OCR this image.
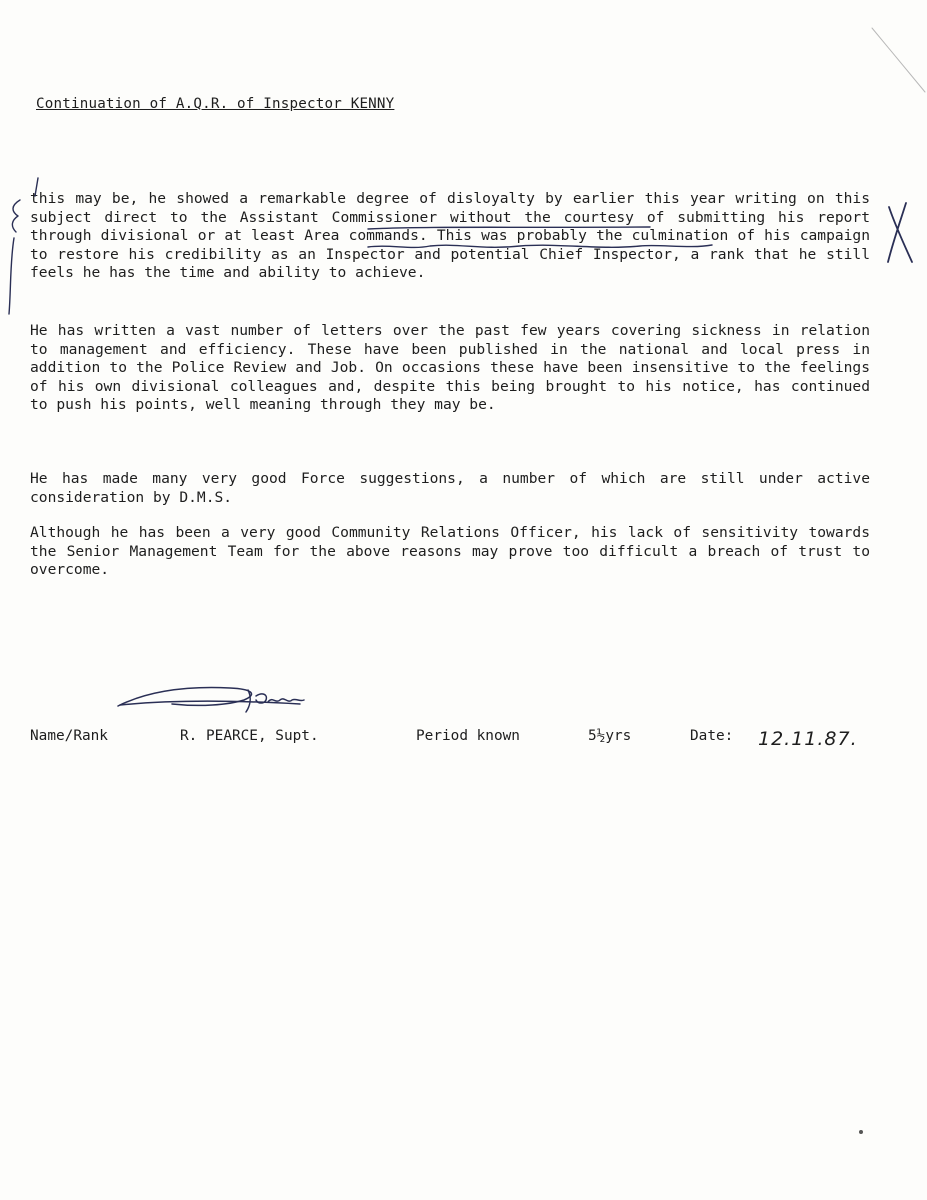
Continuation of A.Q.R. of Inspector KENNY

this may be, he showed a remarkable degree of disloyalty by earlier this year writing on this subject direct to the Assistant Commissioner without the courtesy of submitting his report through divisional or at least Area commands. This was probably the culmination of his campaign to restore his credibility as an Inspector and potential Chief Inspector, a rank that he still feels he has the time and ability to achieve.

He has written a vast number of letters over the past few years covering sickness in relation to management and efficiency. These have been published in the national and local press in addition to the Police Review and Job. On occasions these have been insensitive to the feelings of his own divisional colleagues and, despite this being brought to his notice, has continued to push his points, well meaning through they may be.

He has made many very good Force suggestions, a number of which are still under active consideration by D.M.S.

Although he has been a very good Community Relations Officer, his lack of sensitivity towards the Senior Management Team for the above reasons may prove too difficult a breach of trust to overcome.

Name/Rank	R. PEARCE, Supt.	Period known	5½yrs	Date: 12.11.87.
